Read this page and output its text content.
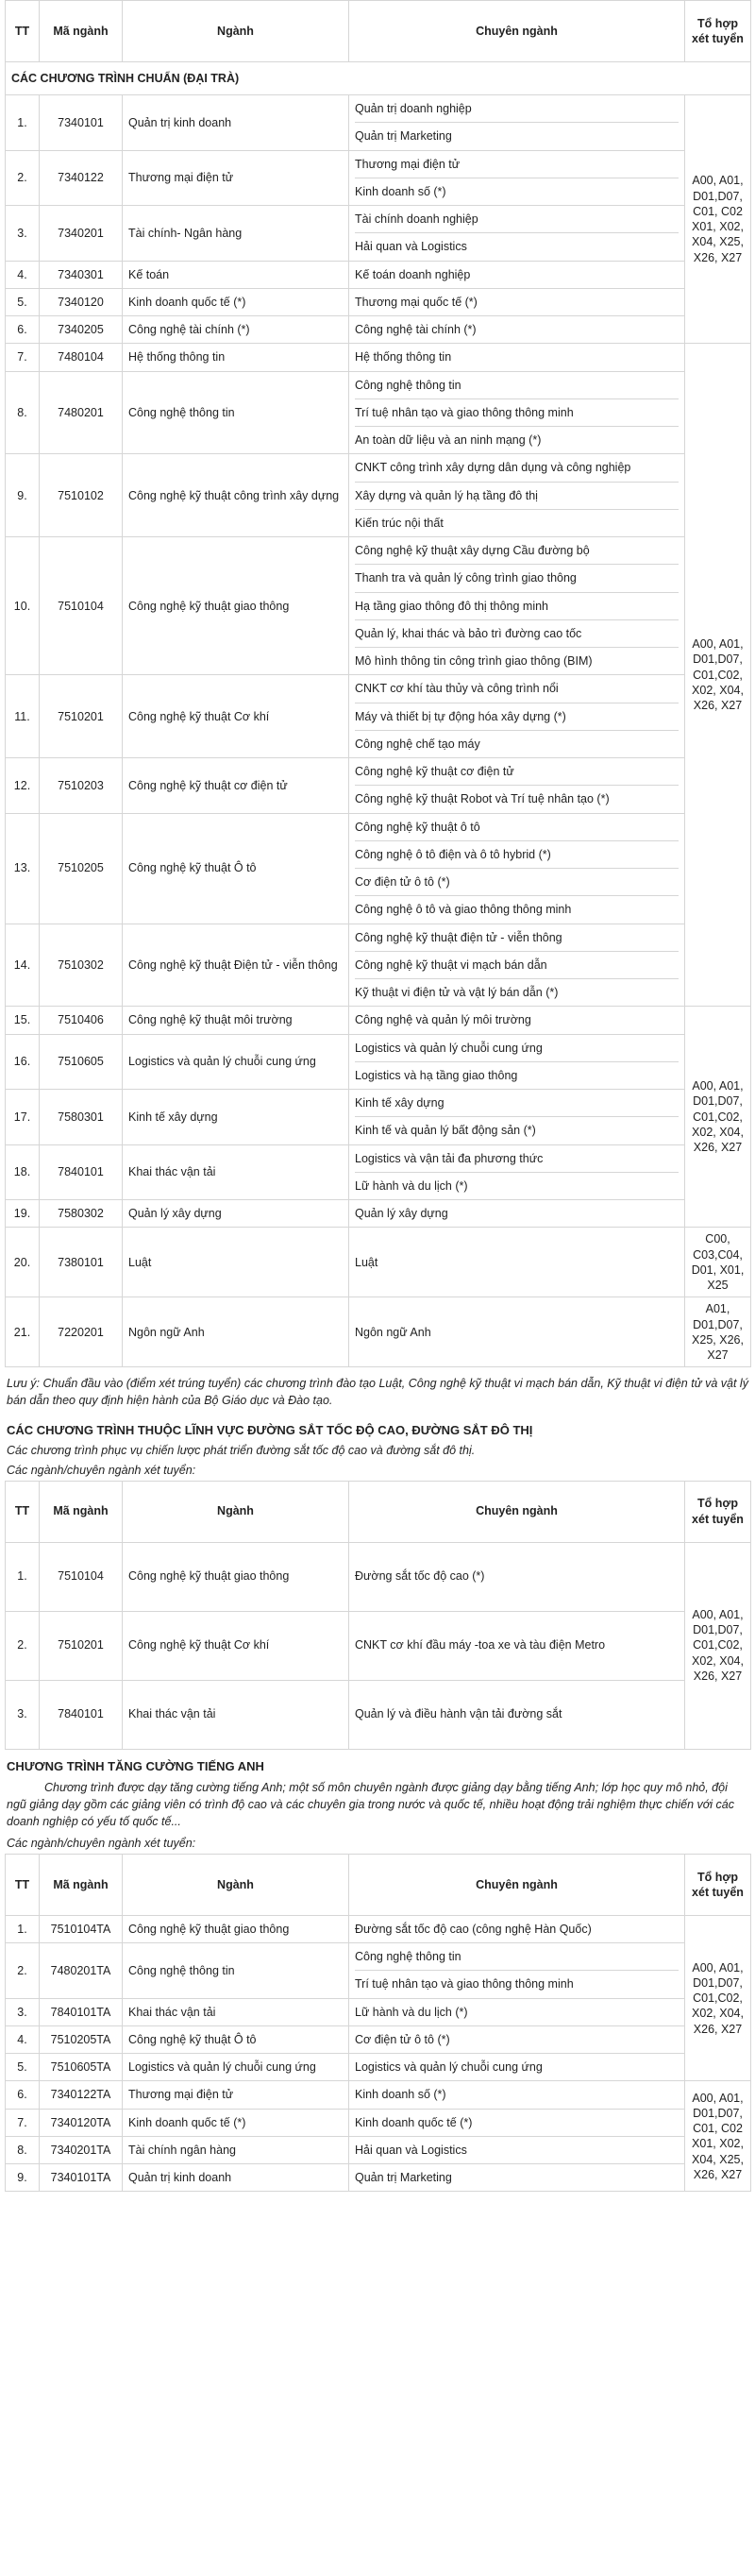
TT	Mã ngành	Ngành	Chuyên ngành	Tổ hợp xét tuyển
CÁC CHƯƠNG TRÌNH CHUẨN (ĐẠI TRÀ)				
1.	7340101	Quản trị kinh doanh	Quản trị doanh nghiệp
Quản trị Marketing	A00, A01, D01,D07, C01, C02 X01, X02, X04, X25, X26, X27
2.	7340122	Thương mại điện tử	Thương mại điện tử
Kinh doanh số (*)	

3.	7340201	Tài chính- Ngân hàng	Tài chính doanh nghiệp
Hải quan và Logistics	

4.	7340301	Kế toán	Kế toán doanh nghiệp	

5.	7340120	Kinh doanh quốc tế (*)	Thương mại quốc tế (*)	

6.	7340205	Công nghệ tài chính (*)	Công nghệ tài chính (*)	

7.	7480104	Hệ thống thông tin	Hệ thống thông tin	A00, A01, D01,D07, C01,C02, X02, X04, X26, X27
8.	7480201	Công nghệ thông tin	Công nghệ thông tin
Trí tuệ nhân tạo và giao thông thông minh
An toàn dữ liệu và an ninh mạng (*)	

9.	7510102	Công nghệ kỹ thuật công trình xây dựng	CNKT công trình xây dựng dân dụng và công nghiệp
Xây dựng và quản lý hạ tầng đô thị
Kiến trúc nội thất	

10.	7510104	Công nghệ kỹ thuật giao thông	Công nghệ kỹ thuật xây dựng Cầu đường bộ
Thanh tra và quản lý công trình giao thông
Hạ tầng giao thông đô thị thông minh
Quản lý, khai thác và bảo trì đường cao tốc
Mô hình thông tin công trình giao thông (BIM)	

11.	7510201	Công nghệ kỹ thuật Cơ khí	CNKT cơ khí tàu thủy và công trình nổi
Máy và thiết bị tự động hóa xây dựng (*)
Công nghệ chế tạo máy	

12.	7510203	Công nghệ kỹ thuật cơ điện tử	Công nghệ kỹ thuật cơ điện tử
Công nghệ kỹ thuật Robot và Trí tuệ nhân tạo (*)	

13.	7510205	Công nghệ kỹ thuật Ô tô	Công nghệ kỹ thuật ô tô
Công nghệ ô tô điện và ô tô hybrid (*)
Cơ điện tử ô tô (*)
Công nghệ ô tô và giao thông thông minh	

14.	7510302	Công nghệ kỹ thuật Điện tử - viễn thông	Công nghệ kỹ thuật điện tử - viễn thông
Công nghệ kỹ thuật vi mạch bán dẫn
Kỹ thuật vi điện tử và vật lý bán dẫn (*)	

15.	7510406	Công nghệ kỹ thuật môi trường	Công nghệ và quản lý môi trường	A00, A01, D01,D07, C01,C02, X02, X04, X26, X27
16.	7510605	Logistics và quản lý chuỗi cung ứng	Logistics và quản lý chuỗi cung ứng
Logistics và hạ tầng giao thông	

17.	7580301	Kinh tế xây dựng	Kinh tế xây dựng
Kinh tế và quản lý bất động sản (*)	

18.	7840101	Khai thác vận tải	Logistics và vận tải đa phương thức
Lữ hành và du lịch (*)	

19.	7580302	Quản lý xây dựng	Quản lý xây dựng	

20.	7380101	Luật	Luật	C00, C03,C04, D01, X01, X25
21.	7220201	Ngôn ngữ Anh	Ngôn ngữ Anh	A01, D01,D07, X25, X26, X27
Lưu ý: Chuẩn đầu vào (điểm xét trúng tuyển) các chương trình đào tạo Luật, Công nghệ kỹ thuật vi mạch bán dẫn, Kỹ thuật vi điện tử và vật lý bán dẫn theo quy định hiện hành của Bộ Giáo dục và Đào tạo.
CÁC CHƯƠNG TRÌNH THUỘC LĨNH VỰC ĐƯỜNG SẮT TỐC ĐỘ CAO, ĐƯỜNG SẮT ĐÔ THỊ
Các chương trình phục vụ chiến lược phát triển đường sắt tốc độ cao và đường sắt đô thị.
Các ngành/chuyên ngành xét tuyển:
TT	Mã ngành	Ngành	Chuyên ngành	Tổ hợp xét tuyển
1.	7510104	Công nghệ kỹ thuật giao thông	Đường sắt tốc độ cao (*)	A00, A01, D01,D07, C01,C02, X02, X04, X26, X27
2.	7510201	Công nghệ kỹ thuật Cơ khí	CNKT cơ khí đầu máy -toa xe và tàu điện Metro	
3.	7840101	Khai thác vận tải	Quản lý và điều hành vận tải đường sắt	
CHƯƠNG TRÌNH TĂNG CƯỜNG TIẾNG ANH
Chương trình được dạy tăng cường tiếng Anh; một số môn chuyên ngành được giảng dạy bằng tiếng Anh; lớp học quy mô nhỏ, đội ngũ giảng dạy gồm các giảng viên có trình độ cao và các chuyên gia trong nước và quốc tế, nhiều hoạt động trải nghiệm thực chiến với các doanh nghiệp có yếu tố quốc tế...
Các ngành/chuyên ngành xét tuyển:
TT	Mã ngành	Ngành	Chuyên ngành	Tổ hợp xét tuyển
1.	7510104TA	Công nghệ kỹ thuật giao thông	Đường sắt tốc độ cao (công nghệ Hàn Quốc)	A00, A01, D01,D07, C01,C02, X02, X04, X26, X27
2.	7480201TA	Công nghệ thông tin	Công nghệ thông tin
Trí tuệ nhân tạo và giao thông thông minh	

3.	7840101TA	Khai thác vận tải	Lữ hành và du lịch (*)	

4.	7510205TA	Công nghệ kỹ thuật Ô tô	Cơ điện tử ô tô (*)	

5.	7510605TA	Logistics và quản lý chuỗi cung ứng	Logistics và quản lý chuỗi cung ứng	

6.	7340122TA	Thương mại điện tử	Kinh doanh số (*)	A00, A01, D01,D07, C01, C02 X01, X02, X04, X25, X26, X27
7.	7340120TA	Kinh doanh quốc tế (*)	Kinh doanh quốc tế (*)	

8.	7340201TA	Tài chính ngân hàng	Hải quan và Logistics	

9.	7340101TA	Quản trị kinh doanh	Quản trị Marketing	
